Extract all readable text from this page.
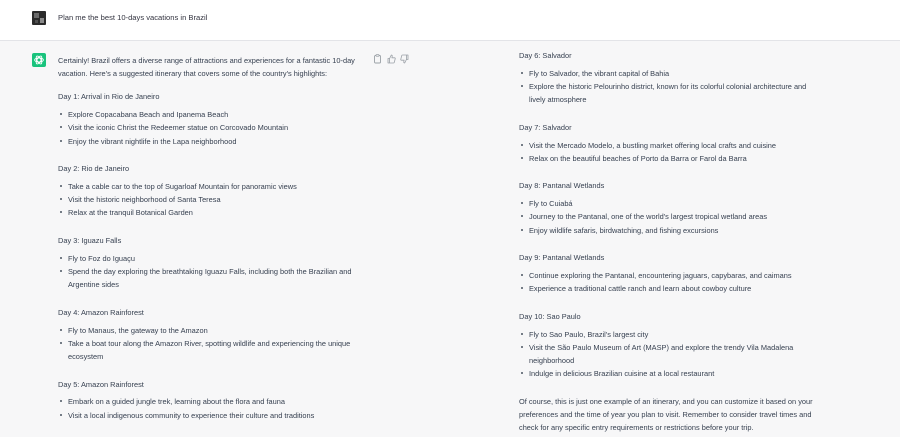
Plan me the best 10-days vacations in Brazil

Certainly! Brazil offers a diverse range of attractions and experiences for a fantastic 10-day vacation. Here's a suggested itinerary that covers some of the country's highlights:

Day 1: Arrival in Rio de Janeiro

Explore Copacabana Beach and Ipanema Beach
Visit the iconic Christ the Redeemer statue on Corcovado Mountain
Enjoy the vibrant nightlife in the Lapa neighborhood

Day 2: Rio de Janeiro

Take a cable car to the top of Sugarloaf Mountain for panoramic views
Visit the historic neighborhood of Santa Teresa
Relax at the tranquil Botanical Garden

Day 3: Iguazu Falls

Fly to Foz do Iguaçu
Spend the day exploring the breathtaking Iguazu Falls, including both the Brazilian and Argentine sides

Day 4: Amazon Rainforest

Fly to Manaus, the gateway to the Amazon
Take a boat tour along the Amazon River, spotting wildlife and experiencing the unique ecosystem

Day 5: Amazon Rainforest

Embark on a guided jungle trek, learning about the flora and fauna
Visit a local indigenous community to experience their culture and traditions

Day 6: Salvador

Fly to Salvador, the vibrant capital of Bahia
Explore the historic Pelourinho district, known for its colorful colonial architecture and lively atmosphere

Day 7: Salvador

Visit the Mercado Modelo, a bustling market offering local crafts and cuisine
Relax on the beautiful beaches of Porto da Barra or Farol da Barra

Day 8: Pantanal Wetlands

Fly to Cuiabá
Journey to the Pantanal, one of the world's largest tropical wetland areas
Enjoy wildlife safaris, birdwatching, and fishing excursions

Day 9: Pantanal Wetlands

Continue exploring the Pantanal, encountering jaguars, capybaras, and caimans
Experience a traditional cattle ranch and learn about cowboy culture

Day 10: Sao Paulo

Fly to Sao Paulo, Brazil's largest city
Visit the São Paulo Museum of Art (MASP) and explore the trendy Vila Madalena neighborhood
Indulge in delicious Brazilian cuisine at a local restaurant

Of course, this is just one example of an itinerary, and you can customize it based on your preferences and the time of year you plan to visit. Remember to consider travel times and check for any specific entry requirements or restrictions before your trip.
